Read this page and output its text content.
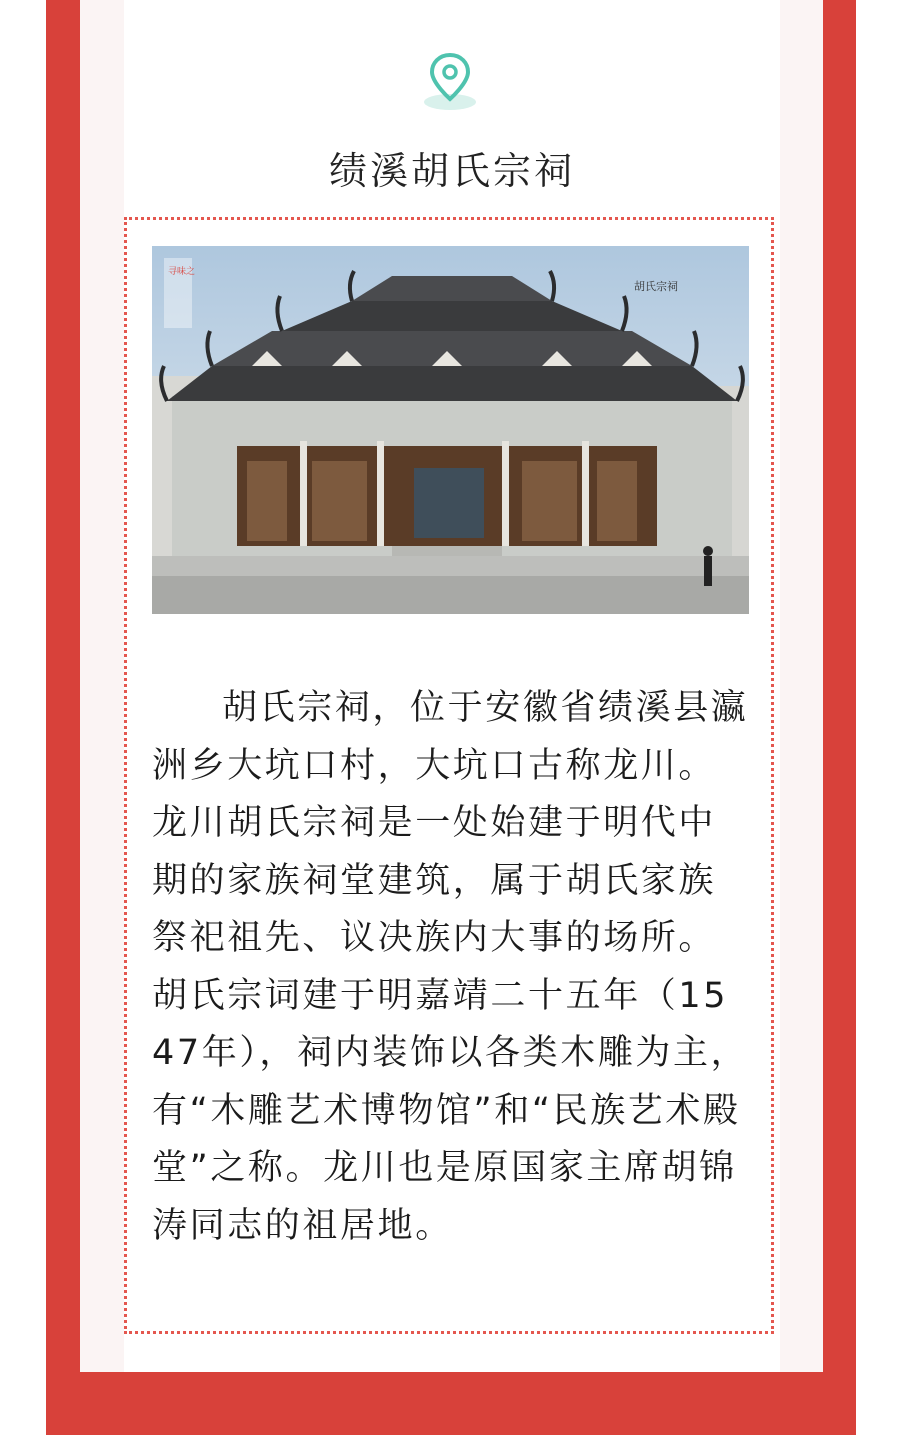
绩溪胡氏宗祠
寻味之
胡氏宗祠

胡氏宗祠，位于安徽省绩溪县瀛洲乡大坑口村，大坑口古称龙川。龙川胡氏宗祠是一处始建于明代中期的家族祠堂建筑，属于胡氏家族祭祀祖先、议决族内大事的场所。胡氏宗词建于明嘉靖二十五年（1547年），祠内装饰以各类木雕为主，有“木雕艺术博物馆”和“民族艺术殿堂”之称。龙川也是原国家主席胡锦涛同志的祖居地。
